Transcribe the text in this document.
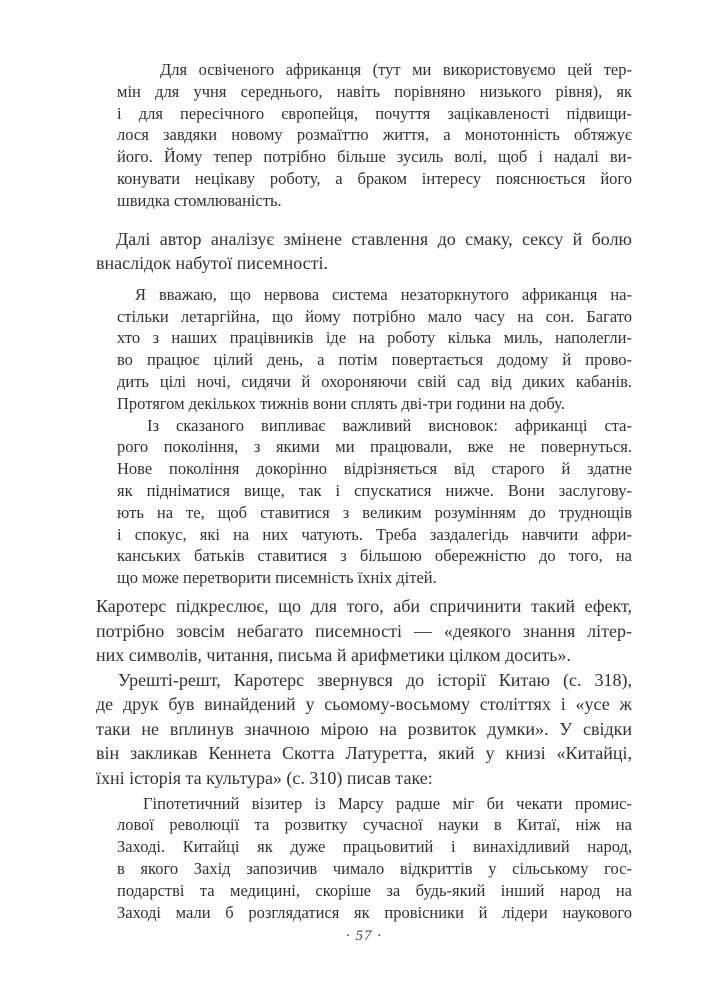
Для освіченого африканця (тут ми використовуємо цей тер-
мін для учня середнього, навіть порівняно низького рівня), як
і для пересічного європейця, почуття зацікавленості підвищи-
лося завдяки новому розмаїттю життя, а монотонність обтяжує
його. Йому тепер потрібно більше зусиль волі, щоб і надалі ви-
конувати нецікаву роботу, а браком інтересу пояснюється його
швидка стомлюваність.
Далі автор аналізує змінене ставлення до смаку, сексу й болю
внаслідок набутої писемності.
Я вважаю, що нервова система незаторкнутого африканця на-
стільки летаргійна, що йому потрібно мало часу на сон. Багато
хто з наших працівників іде на роботу кілька миль, наполегли-
во працює цілий день, а потім повертається додому й прово-
дить цілі ночі, сидячи й охороняючи свій сад від диких кабанів.
Протягом декількох тижнів вони сплять дві-три години на добу.
Із сказаного випливає важливий висновок: африканці ста-
рого покоління, з якими ми працювали, вже не повернуться.
Нове покоління докорінно відрізняється від старого й здатне
як підніматися вище, так і спускатися нижче. Вони заслугову-
ють на те, щоб ставитися з великим розумінням до труднощів
і спокус, які на них чатують. Треба заздалегідь навчити афри-
канських батьків ставитися з більшою обережністю до того, на
що може перетворити писемність їхніх дітей.
Каротерс підкреслює, що для того, аби спричинити такий ефект,
потрібно зовсім небагато писемності — «деякого знання літер-
них символів, читання, письма й арифметики цілком досить».
Урешті-решт, Каротерс звернувся до історії Китаю (с. 318),
де друк був винайдений у сьомому-восьмому століттях і «усе ж
таки не вплинув значною мірою на розвиток думки». У свідки
він закликав Кеннета Скотта Латуретта, який у книзі «Китайці,
їхні історія та культура» (с. 310) писав таке:
Гіпотетичний візитер із Марсу радше міг би чекати промис-
лової революції та розвитку сучасної науки в Китаї, ніж на
Заході. Китайці як дуже працьовитий і винахідливий народ,
в якого Захід запозичив чимало відкриттів у сільському гос-
подарстві та медицині, скоріше за будь-який інший народ на
Заході мали б розглядатися як провісники й лідери наукового
· 57 ·
